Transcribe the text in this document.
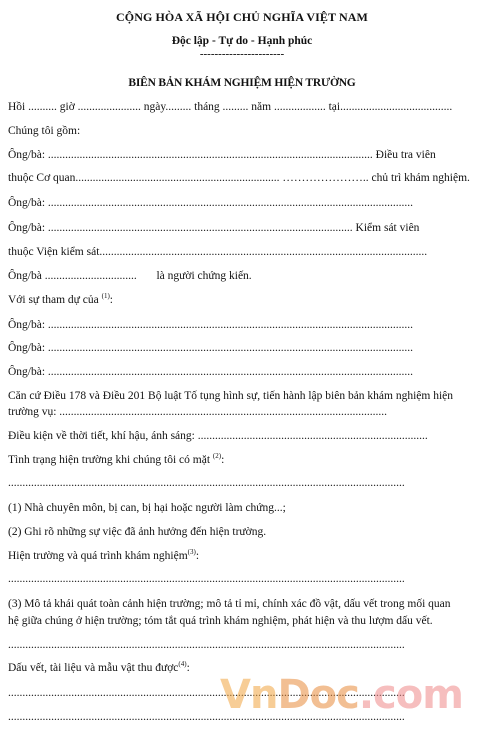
CỘNG HÒA XÃ HỘI CHỦ NGHĨA VIỆT NAM
Độc lập - Tự do - Hạnh phúc
-----------------------
BIÊN BẢN KHÁM NGHIỆM HIỆN TRƯỜNG
Hồi .......... giờ ...................... ngày......... tháng ......... năm .................. tại.......................................
Chúng tôi gồm:
Ông/bà: ................................................................................................................. Điều tra viên
thuộc Cơ quan....................................................................... ………………….. chủ trì khám nghiệm.
Ông/bà: ...............................................................................................................................
Ông/bà: .......................................................................................................... Kiểm sát viên
thuộc Viện kiểm sát..................................................................................................................
Ông/bà ................................ là người chứng kiến.
Với sự tham dự của $^{(1)}$:
Ông/bà: ...............................................................................................................................
Ông/bà: ...............................................................................................................................
Ông/bà: ...............................................................................................................................
Căn cứ Điều 178 và Điều 201 Bộ luật Tố tụng hình sự, tiến hành lập biên bản khám nghiệm hiện
trường vụ: ..................................................................................................................
Điều kiện về thời tiết, khí hậu, ánh sáng: ................................................................................
Tình trạng hiện trường khi chúng tôi có mặt $^{(2)}$:
..........................................................................................................................................
(1) Nhà chuyên môn, bị can, bị hại hoặc người làm chứng...;
(2) Ghi rõ những sự việc đã ảnh hưởng đến hiện trường.
Hiện trường và quá trình khám nghiệm$^{(3)}$:
..........................................................................................................................................
(3) Mô tả khái quát toàn cảnh hiện trường; mô tả tỉ mỉ, chính xác đồ vật, dấu vết trong mối quan
hệ giữa chúng ở hiện trường; tóm tắt quá trình khám nghiệm, phát hiện và thu lượm dấu vết.
..........................................................................................................................................
Dấu vết, tài liệu và mẫu vật thu được$^{(4)}$:
..........................................................................................................................................
..........................................................................................................................................
VnDoc.com
